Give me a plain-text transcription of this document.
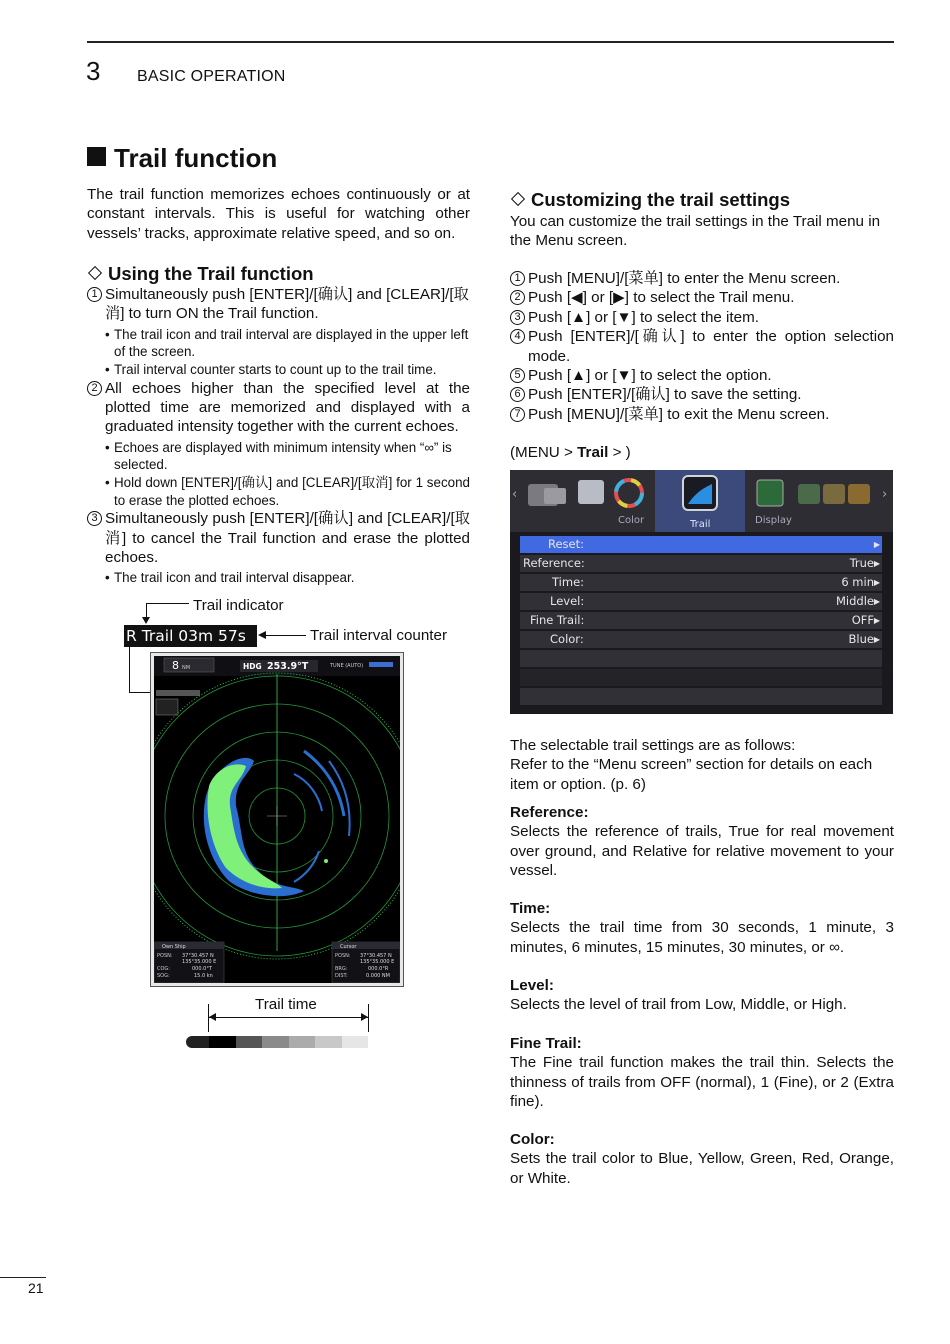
3 BASIC OPERATION
Trail function
The trail function memorizes echoes continuously or at constant intervals. This is useful for watching other vessels’ tracks, approximate relative speed, and so on.
Using the Trail function
1 Simultaneously push [ENTER]/[确认] and [CLEAR]/[取消] to turn ON the Trail function.
• The trail icon and trail interval are displayed in the upper left of the screen.
• Trail interval counter starts to count up to the trail time.
2 All echoes higher than the specified level at the plotted time are memorized and displayed with a graduated intensity together with the current echoes.
• Echoes are displayed with minimum intensity when “∞” is selected.
• Hold down [ENTER]/[确认] and [CLEAR]/[取消] for 1 second to erase the plotted echoes.
3 Simultaneously push [ENTER]/[确认] and [CLEAR]/[取消] to cancel the Trail function and erase the plotted echoes.
• The trail icon and trail interval disappear.
Trail indicator
Trail interval counter
R Trail 03m 57s
8 NM	HDG 253.9°T	TUNE (AUTO)
Own Ship
POSN: 37°30.457 N
135°35.000 E
COG:	000.0°T
SOG:	15.0 kn
Cursor
POSN: 37°30.457 N
135°35.000 E
BRG:	000.0°R
DIST:	0.000 NM
Trail time
Customizing the trail settings
You can customize the trail settings in the Trail menu in the Menu screen.
1 Push [MENU]/[菜单] to enter the Menu screen.
2 Push [◀] or [▶] to select the Trail menu.
3 Push [▲] or [▼] to select the item.
4 Push [ENTER]/[确认] to enter the option selection mode.
5 Push [▲] or [▼] to select the option.
6 Push [ENTER]/[确认] to save the setting.
7 Push [MENU]/[菜单] to exit the Menu screen.
(MENU > Trail > )
‹	›
Color	Trail	Display
Reset:	▶
Reference:	True ▶
Time:	6 min ▶
Level:	Middle ▶
Fine Trail:	OFF ▶
Color:	Blue ▶
The selectable trail settings are as follows:
Refer to the “Menu screen” section for details on each item or option. (p. 6)
Reference:
Selects the reference of trails, True for real movement over ground, and Relative for relative movement to your vessel.
Time:
Selects the trail time from 30 seconds, 1 minute, 3 minutes, 6 minutes, 15 minutes, 30 minutes, or ∞.
Level:
Selects the level of trail from Low, Middle, or High.
Fine Trail:
The Fine trail function makes the trail thin. Selects the thinness of trails from OFF (normal), 1 (Fine), or 2 (Extra fine).
Color:
Sets the trail color to Blue, Yellow, Green, Red, Orange, or White.
21
